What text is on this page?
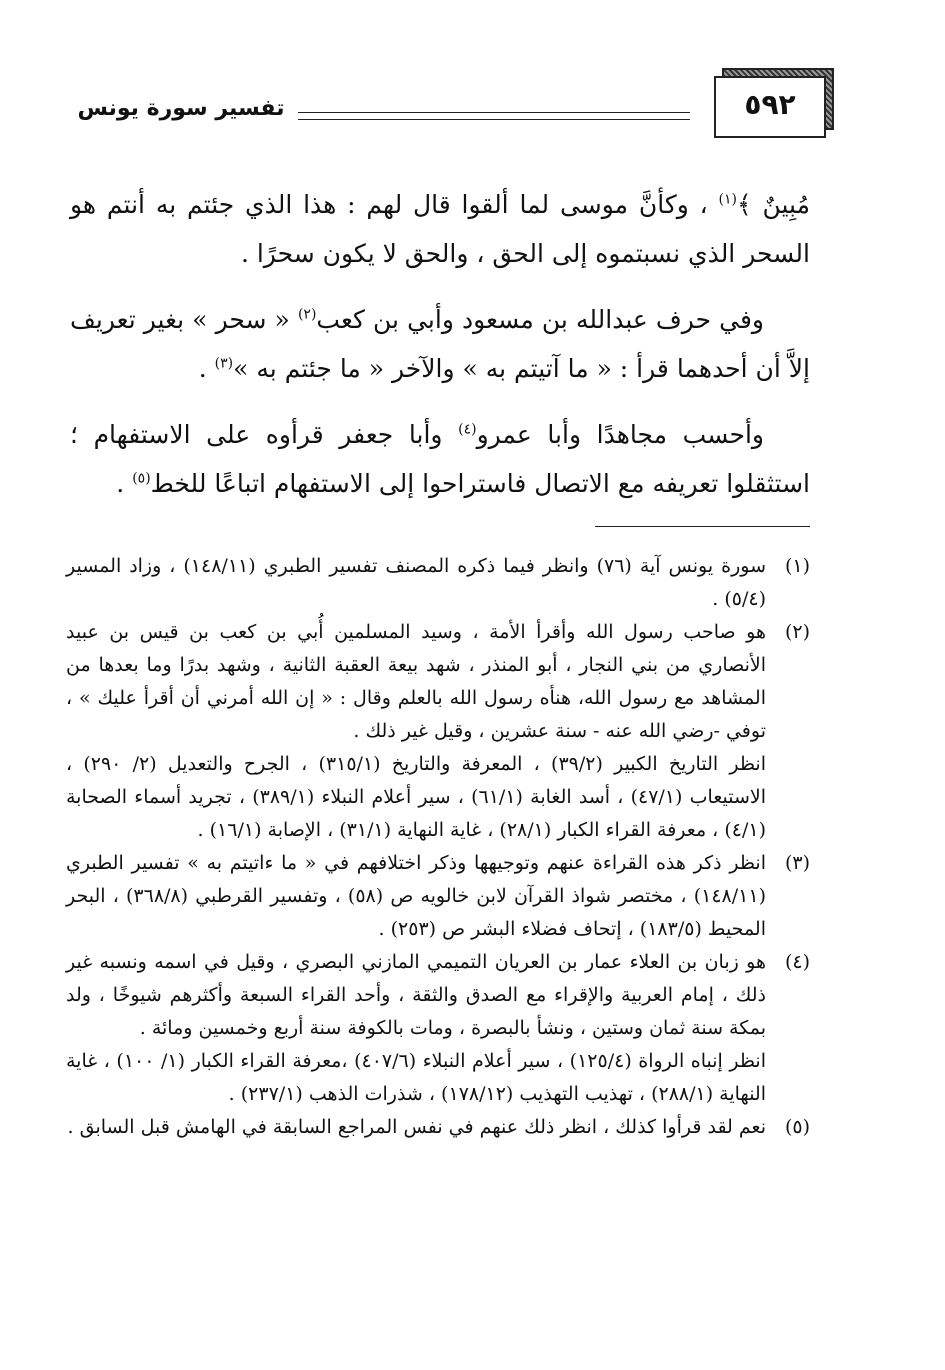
٥٩٢
تفسير سورة يونس

مُبِينٌ ﴾$^{(١)}$ ، وكأنَّ موسى لما ألقوا قال لهم : هذا الذي جئتم به أنتم هو السحر الذي نسبتموه إلى الحق ، والحق لا يكون سحرًا .

وفي حرف عبدالله بن مسعود وأبي بن كعب$^{(٢)}$ « سحر » بغير تعريف إلاَّ أن أحدهما قرأ : « ما آتيتم به » والآخر « ما جئتم به »$^{(٣)}$ .

وأحسب مجاهدًا وأبا عمرو$^{(٤)}$ وأبا جعفر قرأوه على الاستفهام ؛ استثقلوا تعريفه مع الاتصال فاستراحوا إلى الاستفهام اتباعًا للخط$^{(٥)}$ .

(١)
سورة يونس آية (٧٦) وانظر فيما ذكره المصنف تفسير الطبري (١٤٨/١١) ، وزاد المسير (٥/٤) .
(٢)
هو صاحب رسول الله وأقرأ الأمة ، وسيد المسلمين أُبي بن كعب بن قيس بن عبيد الأنصاري من بني النجار ، أبو المنذر ، شهد بيعة العقبة الثانية ، وشهد بدرًا وما بعدها من المشاهد مع رسول الله، هنأه رسول الله بالعلم وقال : « إن الله أمرني أن أقرأ عليك » ، توفي -رضي الله عنه - سنة عشرين ، وقيل غير ذلك .
انظر التاريخ الكبير (٣٩/٢) ، المعرفة والتاريخ (٣١٥/١) ، الجرح والتعديل (٢/ ٢٩٠) ، الاستيعاب (٤٧/١) ، أسد الغابة (٦١/١) ، سير أعلام النبلاء (٣٨٩/١) ، تجريد أسماء الصحابة (٤/١) ، معرفة القراء الكبار (٢٨/١) ، غاية النهاية (٣١/١) ، الإصابة (١٦/١) .
(٣)
انظر ذكر هذه القراءة عنهم وتوجيهها وذكر اختلافهم في « ما ءاتيتم به » تفسير الطبري (١٤٨/١١) ، مختصر شواذ القرآن لابن خالويه ص (٥٨) ، وتفسير القرطبي (٣٦٨/٨) ، البحر المحيط (١٨٣/٥) ، إتحاف فضلاء البشر ص (٢٥٣) .
(٤)
هو زبان بن العلاء عمار بن العريان التميمي المازني البصري ، وقيل في اسمه ونسبه غير ذلك ، إمام العربية والإقراء مع الصدق والثقة ، وأحد القراء السبعة وأكثرهم شيوخًا ، ولد بمكة سنة ثمان وستين ، ونشأ بالبصرة ، ومات بالكوفة سنة أربع وخمسين ومائة .
انظر إنباه الرواة (١٢٥/٤) ، سير أعلام النبلاء (٤٠٧/٦) ،معرفة القراء الكبار (١/ ١٠٠) ، غاية النهاية (٢٨٨/١) ، تهذيب التهذيب (١٧٨/١٢) ، شذرات الذهب (٢٣٧/١) .
(٥)
نعم لقد قرأوا كذلك ، انظر ذلك عنهم في نفس المراجع السابقة في الهامش قبل السابق .
